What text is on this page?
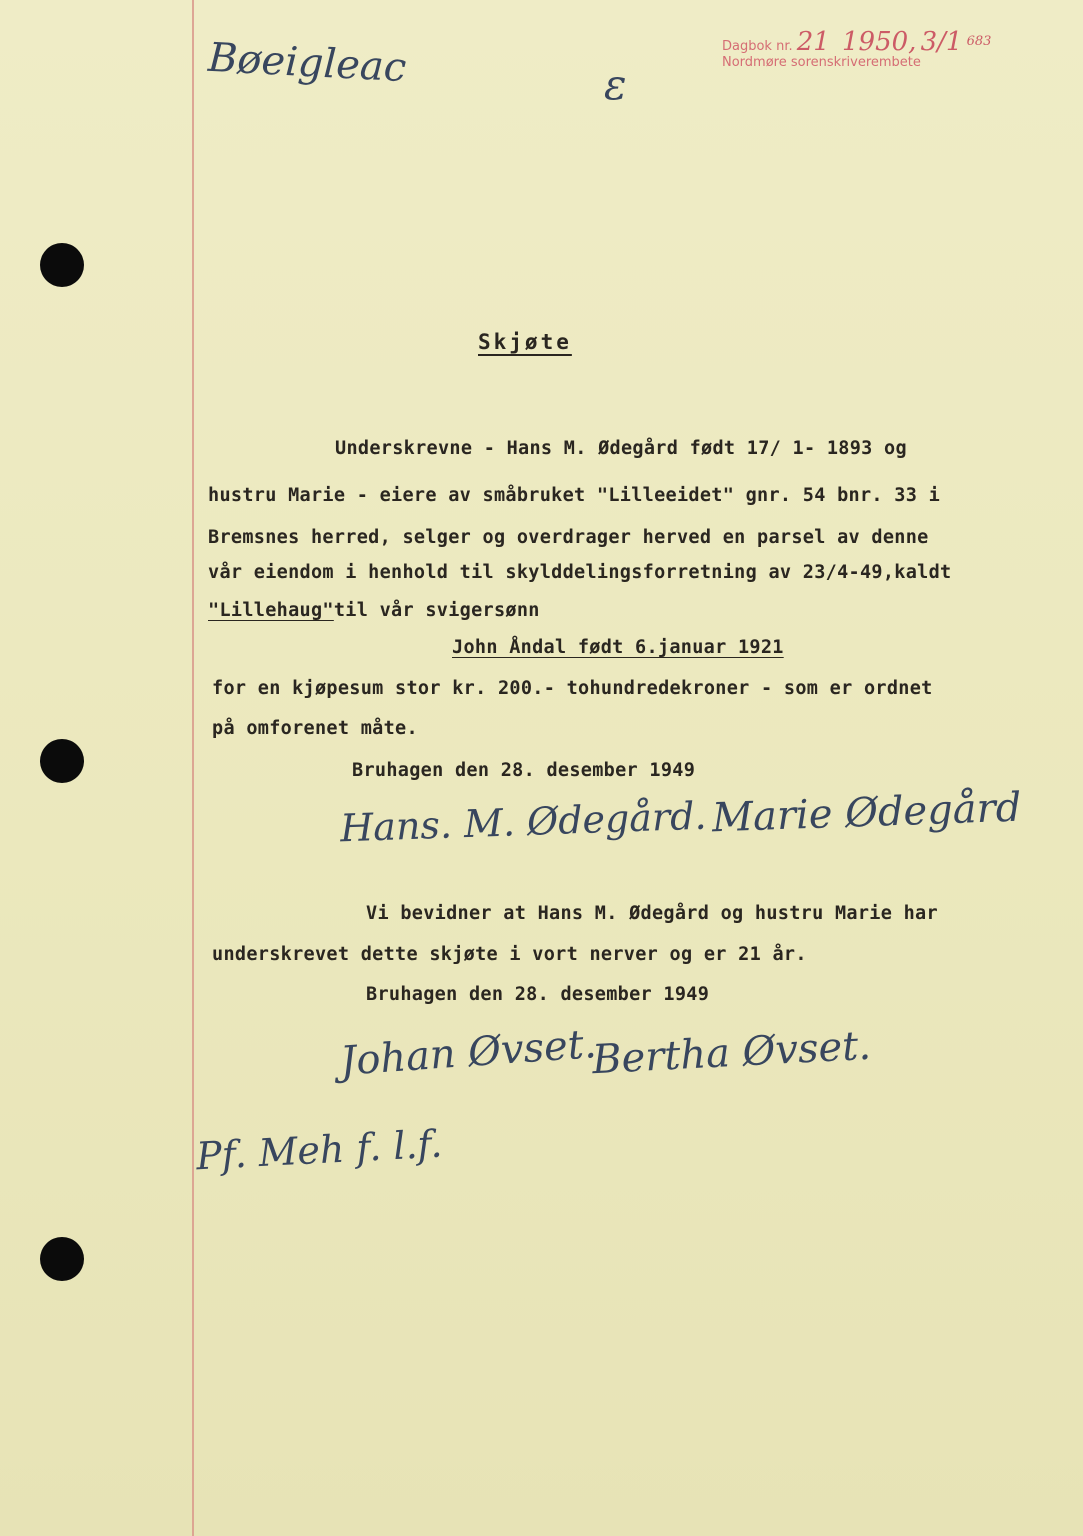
Bøeigleac	ɛ
Dagbok nr. 21 1950, 3/1 683
Nordmøre sorenskriverembete
Skjøte
Underskrevne - Hans M. Ødegård født 17/ 1- 1893 og
hustru Marie - eiere av småbruket "Lilleeidet" gnr. 54 bnr. 33 i
Bremsnes herred, selger og overdrager herved en parsel av denne
vår eiendom i henhold til skylddelingsforretning av 23/4-49,kaldt
"Lillehaug"til vår svigersønn
John Åndal født 6.januar 1921
for en kjøpesum stor kr. 200.- tohundredekroner - som er ordnet
på omforenet måte.
Bruhagen den 28. desember 1949
Hans. M. Ødegård. Marie Ødegård
Vi bevidner at Hans M. Ødegård og hustru Marie har
underskrevet dette skjøte i vort nerver og er 21 år.
Bruhagen den 28. desember 1949
Johan Øvset.
Bertha Øvset.
Pf. Meh f. l.f.
